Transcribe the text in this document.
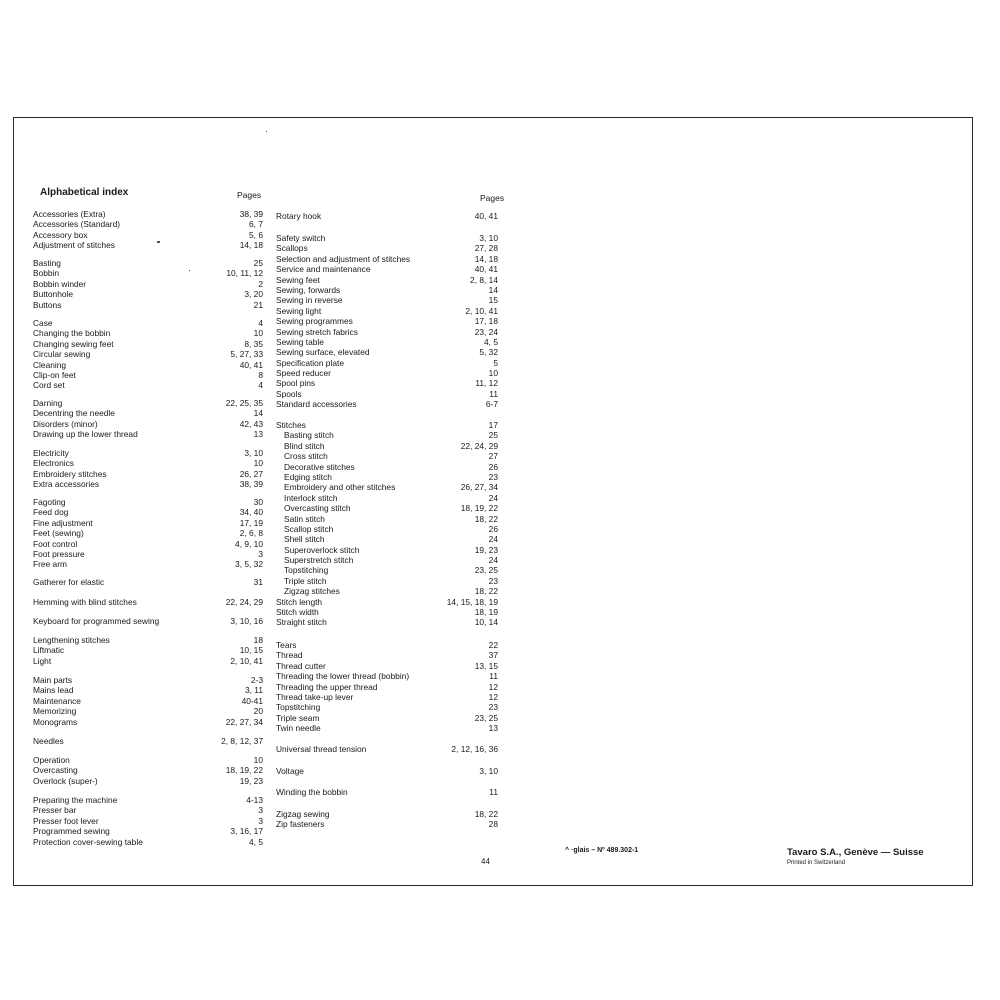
Alphabetical index	Pages	Pages
Accessories (Extra)	38, 39
Accessories (Standard)	6, 7
Accessory box	5, 6
Adjustment of stitches	14, 18
Basting	25
Bobbin	10, 11, 12
Bobbin winder	2
Buttonhole	3, 20
Buttons	21
Case	4
Changing the bobbin	10
Changing sewing feet	8, 35
Circular sewing	5, 27, 33
Cleaning	40, 41
Clip-on feet	8
Cord set	4
Darning	22, 25, 35
Decentring the needle	14
Disorders (minor)	42, 43
Drawing up the lower thread	13
Electricity	3, 10
Electronics	10
Embroidery stitches	26, 27
Extra accessories	38, 39
Fagoting	30
Feed dog	34, 40
Fine adjustment	17, 19
Feet (sewing)	2, 6, 8
Foot control	4, 9, 10
Foot pressure	3
Free arm	3, 5, 32
Gatherer for elastic	31
Hemming with blind stitches	22, 24, 29
Keyboard for programmed sewing	3, 10, 16
Lengthening stitches	18
Liftmatic	10, 15
Light	2, 10, 41
Main parts	2-3
Mains lead	3, 11
Maintenance	40-41
Memorizing	20
Monograms	22, 27, 34
Needles	2, 8, 12, 37
Operation	10
Overcasting	18, 19, 22
Overlock (super-)	19, 23
Preparing the machine	4-13
Presser bar	3
Presser foot lever	3
Programmed sewing	3, 16, 17
Protection cover-sewing table	4, 5
Rotary hook	40, 41
Safety switch	3, 10
Scallops	27, 28
Selection and adjustment of stitches	14, 18
Service and maintenance	40, 41
Sewing feet	2, 8, 14
Sewing, forwards	14
Sewing in reverse	15
Sewing light	2, 10, 41
Sewing programmes	17, 18
Sewing stretch fabrics	23, 24
Sewing table	4, 5
Sewing surface, elevated	5, 32
Specification plate	5
Speed reducer	10
Spool pins	11, 12
Spools	11
Standard accessories	6-7
Stitches	17
Basting stitch	25
Blind stitch	22, 24, 29
Cross stitch	27
Decorative stitches	26
Edging stitch	23
Embroidery and other stitches	26, 27, 34
Interlock stitch	24
Overcasting stitch	18, 19, 22
Satin stitch	18, 22
Scallop stitch	26
Shell stitch	24
Superoverlock stitch	19, 23
Superstretch stitch	24
Topstitching	23, 25
Triple stitch	23
Zigzag stitches	18, 22
Stitch length	14, 15, 18, 19
Stitch width	18, 19
Straight stitch	10, 14
Tears	22
Thread	37
Thread cutter	13, 15
Threading the lower thread (bobbin)	11
Threading the upper thread	12
Thread take-up lever	12
Topstitching	23
Triple seam	23, 25
Twin needle	13
Universal thread tension	2, 12, 16, 36
Voltage	3, 10
Winding the bobbin	11
Zigzag sewing	18, 22
Zip fasteners	28
44
^ ·glais – Nº 489.302-1	Tavaro S.A., Genève — Suisse
Printed in Switzerland
